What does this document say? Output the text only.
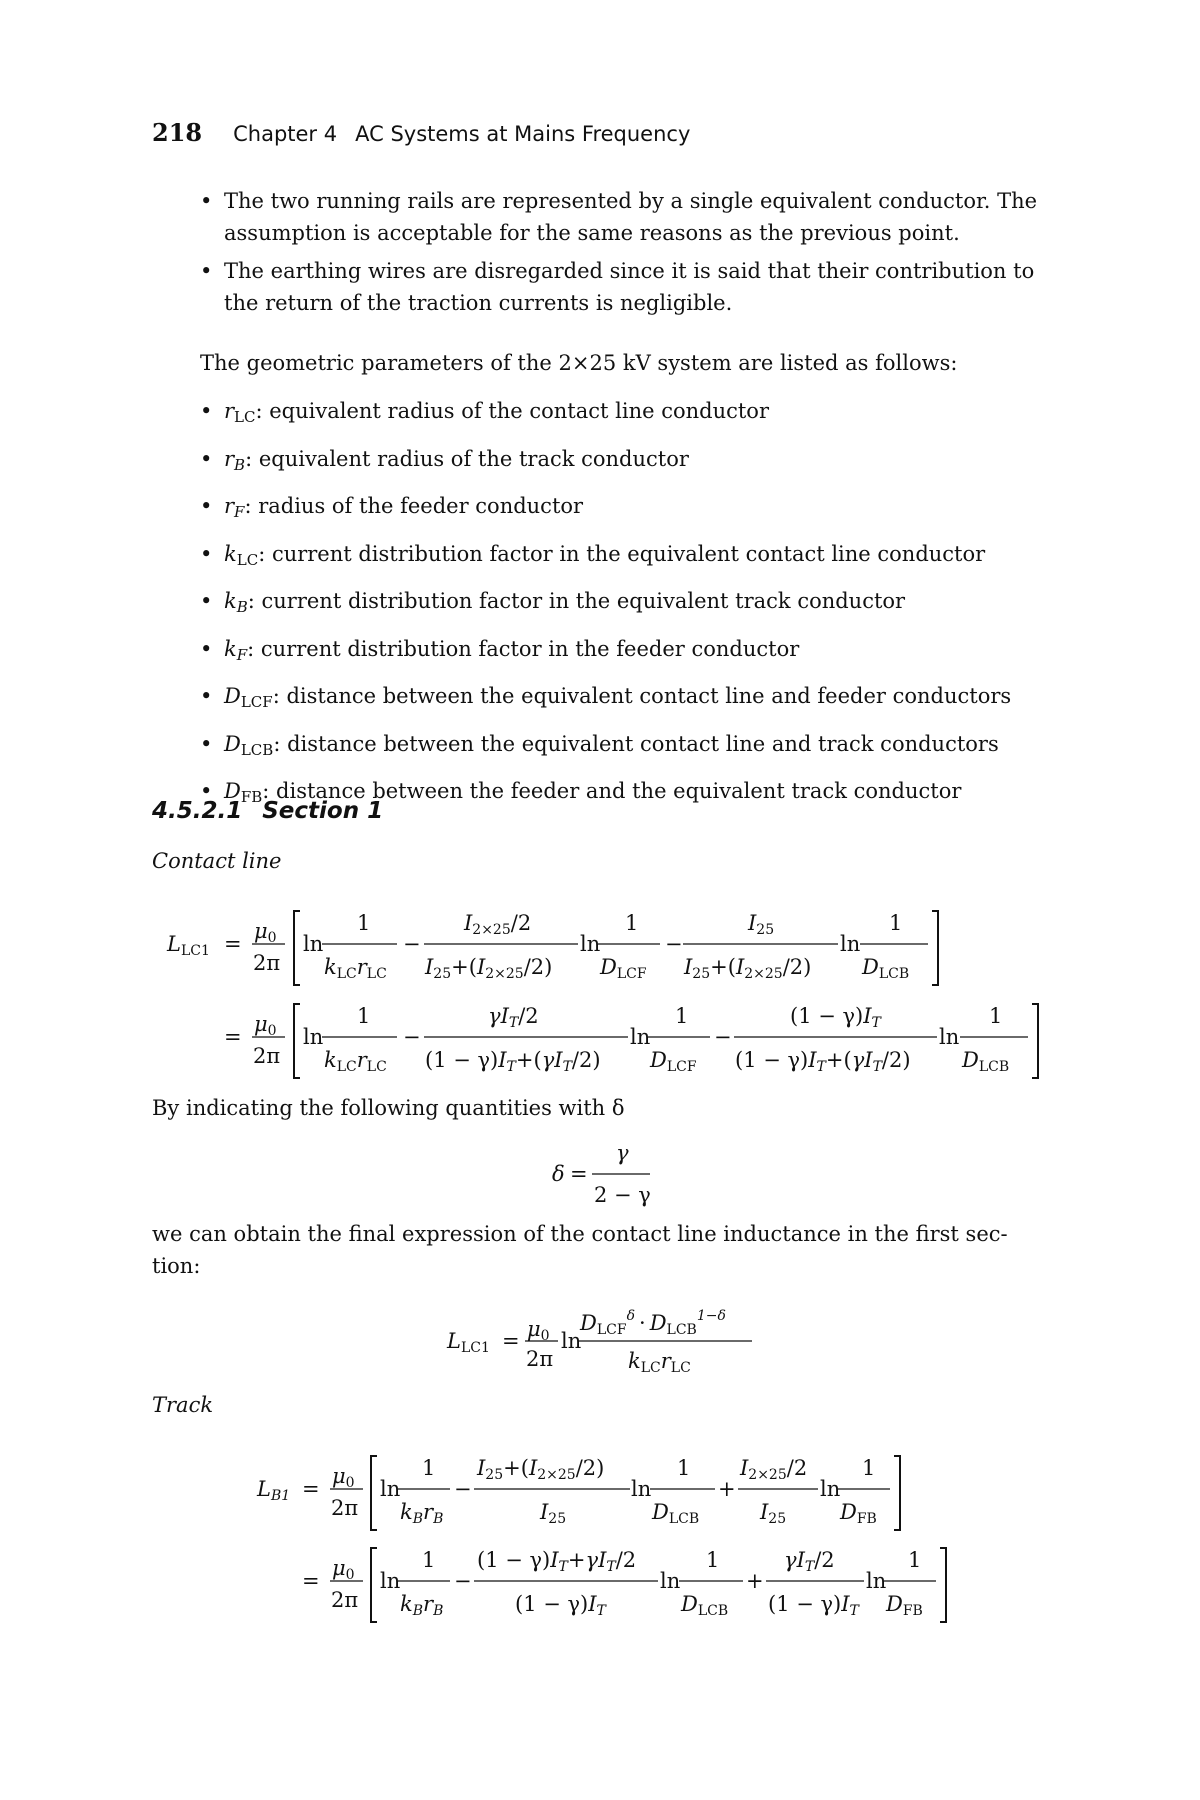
218 Chapter 4 AC Systems at Mains Frequency

• The two running rails are represented by a single equivalent conductor. The assumption is acceptable for the same reasons as the previous point.

• The earthing wires are disregarded since it is said that their contribution to the return of the traction currents is negligible.

The geometric parameters of the 2×25 kV system are listed as follows:

• $r_{LC}$: equivalent radius of the contact line conductor

• $r_B$: equivalent radius of the track conductor

• $r_F$: radius of the feeder conductor

• $k_{LC}$: current distribution factor in the equivalent contact line conductor

• $k_B$: current distribution factor in the equivalent track conductor

• $k_F$: current distribution factor in the feeder conductor

• $D_{LCF}$: distance between the equivalent contact line and feeder conductors

• $D_{LCB}$: distance between the equivalent contact line and track conductors

• $D_{FB}$: distance between the feeder and the equivalent track conductor

4.5.2.1 Section 1
Contact line
LLC1 =
μ0
2π
ln
1
kLCrLC
−
I2×25/2
I25+(I2×25/2)
ln
1
DLCF
−
I25
I25+(I2×25/2)
ln
1
DLCB
=
μ0
2π
ln
1
kLCrLC
−
γIT/2
(1 − γ)IT+(γIT/2)
ln
1
DLCF
−
(1 − γ)IT
(1 − γ)IT+(γIT/2)
ln
1
DLCB
δ =
γ
2 − γ
LLC1 = μ0
2π
ln
$DLCF^\delta$ · $DLCB^{1-\delta}$
kLCrLC
LB1 =
μ0
2π
ln
1
kBrB
−
I25+(I2×25/2)
I25
ln
1
DLCB
+
I2×25/2
I25
ln
1
DFB
=
μ0
2π
ln
1
kBrB
−
(1 − γ)IT+γIT/2
(1 − γ)IT
ln
1
DLCB
+
γIT/2
(1 − γ)IT
ln
1
DFB
By indicating the following quantities with δ
we can obtain the final expression of the contact line inductance in the first sec-
tion:
Track
